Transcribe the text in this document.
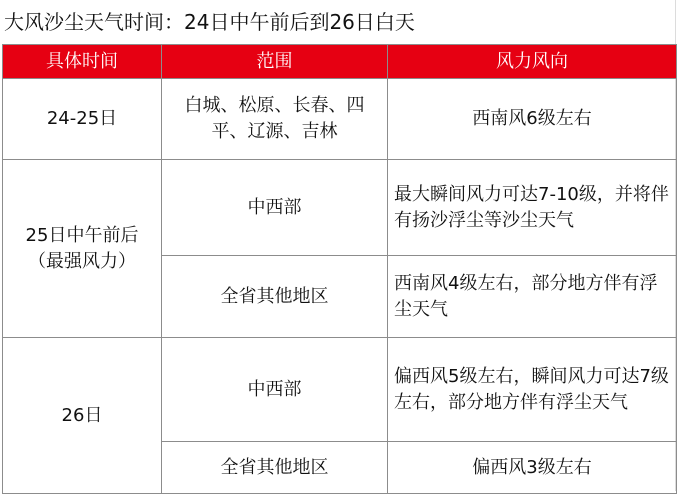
大风沙尘天气时间：24日中午前后到26日白天
具体时间	范围	风力风向
24-25日	白城、松原、长春、四平、辽源、吉林	西南风6级左右
25日中午前后（最强风力）	中西部	最大瞬间风力可达7-10级，并将伴有扬沙浮尘等沙尘天气
	全省其他地区	西南风4级左右，部分地方伴有浮尘天气
26日	中西部	偏西风5级左右，瞬间风力可达7级左右，部分地方伴有浮尘天气
	全省其他地区	偏西风3级左右
